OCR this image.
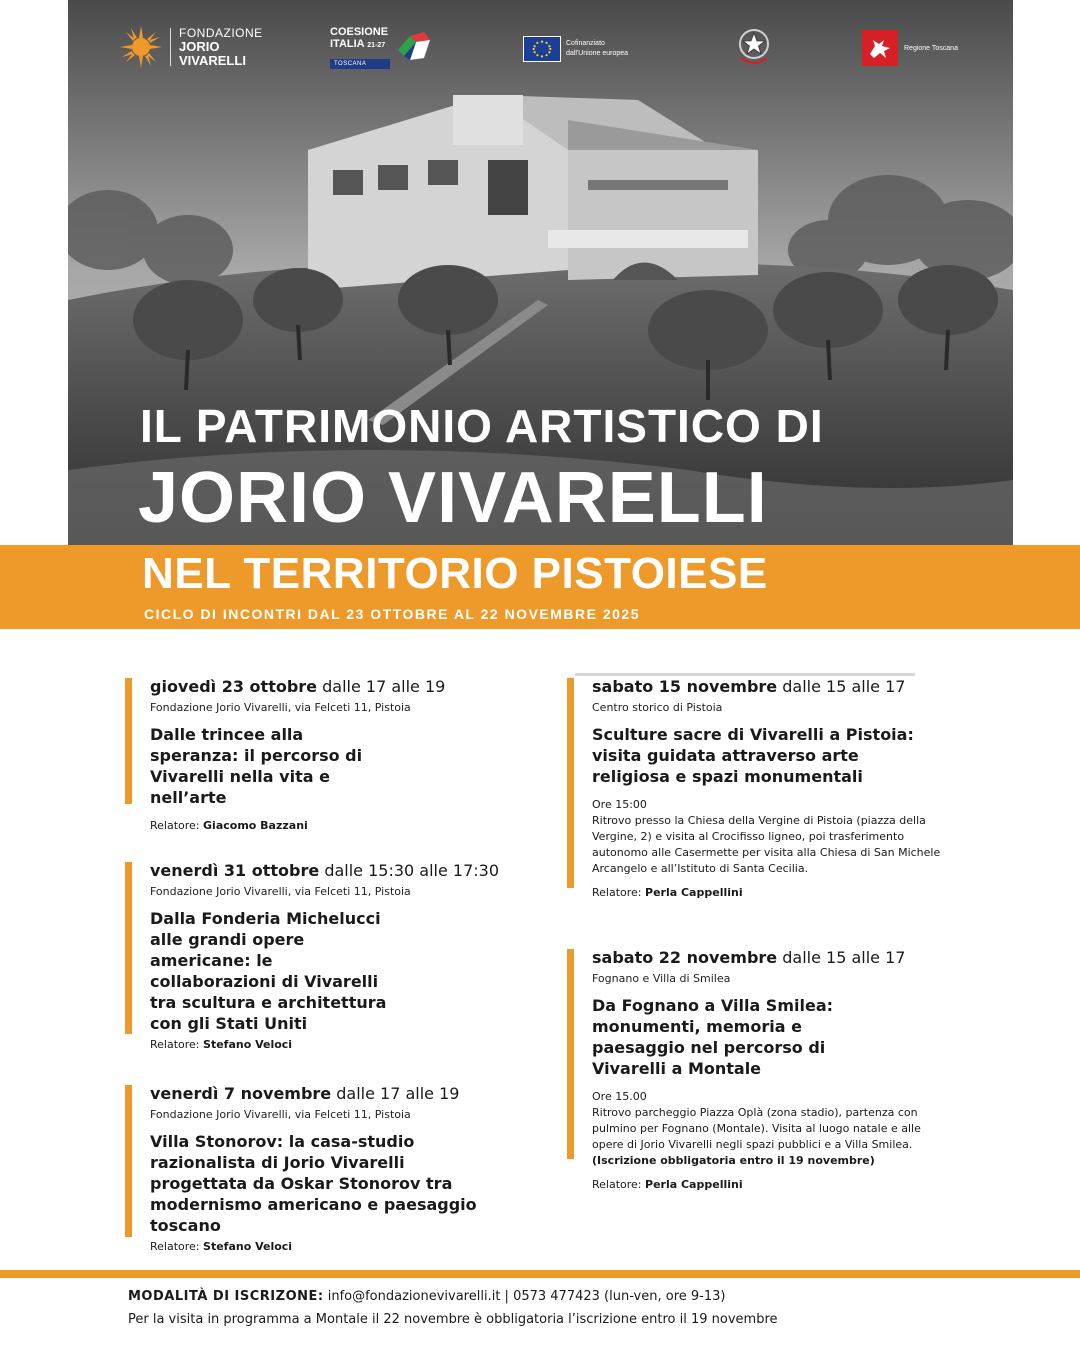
FONDAZIONE
JORIO
VIVARELLI
COESIONE
ITALIA 21-27
TOSCANA
Cofinanziato
dall'Unione europea
Regione Toscana
IL PATRIMONIO ARTISTICO DI
JORIO VIVARELLI
NEL TERRITORIO PISTOIESE
CICLO DI INCONTRI DAL 23 OTTOBRE AL 22 NOVEMBRE 2025
giovedì 23 ottobre dalle 17 alle 19
Fondazione Jorio Vivarelli, via Felceti 11, Pistoia
Dalle trincee alla speranza: il percorso di Vivarelli nella vita e nell’arte
Relatore: Giacomo Bazzani
venerdì 31 ottobre dalle 15:30 alle 17:30
Fondazione Jorio Vivarelli, via Felceti 11, Pistoia
Dalla Fonderia Michelucci alle grandi opere americane: le collaborazioni di Vivarelli tra scultura e architettura con gli Stati Uniti
Relatore: Stefano Veloci
venerdì 7 novembre dalle 17 alle 19
Fondazione Jorio Vivarelli, via Felceti 11, Pistoia
Villa Stonorov: la casa-studio razionalista di Jorio Vivarelli progettata da Oskar Stonorov tra modernismo americano e paesaggio toscano
Relatore: Stefano Veloci
sabato 15 novembre dalle 15 alle 17
Centro storico di Pistoia
Sculture sacre di Vivarelli a Pistoia: visita guidata attraverso arte religiosa e spazi monumentali
Ore 15:00
Ritrovo presso la Chiesa della Vergine di Pistoia (piazza della Vergine, 2) e visita al Crocifisso ligneo, poi trasferimento autonomo alle Casermette per visita alla Chiesa di San Michele Arcangelo e all’Istituto di Santa Cecilia.
Relatore: Perla Cappellini
sabato 22 novembre dalle 15 alle 17
Fognano e Villa di Smilea
Da Fognano a Villa Smilea: monumenti, memoria e paesaggio nel percorso di Vivarelli a Montale
Ore 15.00
Ritrovo parcheggio Piazza Oplà (zona stadio), partenza con pulmino per Fognano (Montale). Visita al luogo natale e alle opere di Jorio Vivarelli negli spazi pubblici e a Villa Smilea.
(Iscrizione obbligatoria entro il 19 novembre)
Relatore: Perla Cappellini
MODALITÀ DI ISCRIZONE: info@fondazionevivarelli.it | 0573 477423 (lun-ven, ore 9-13)
Per la visita in programma a Montale il 22 novembre è obbligatoria l’iscrizione entro il 19 novembre
